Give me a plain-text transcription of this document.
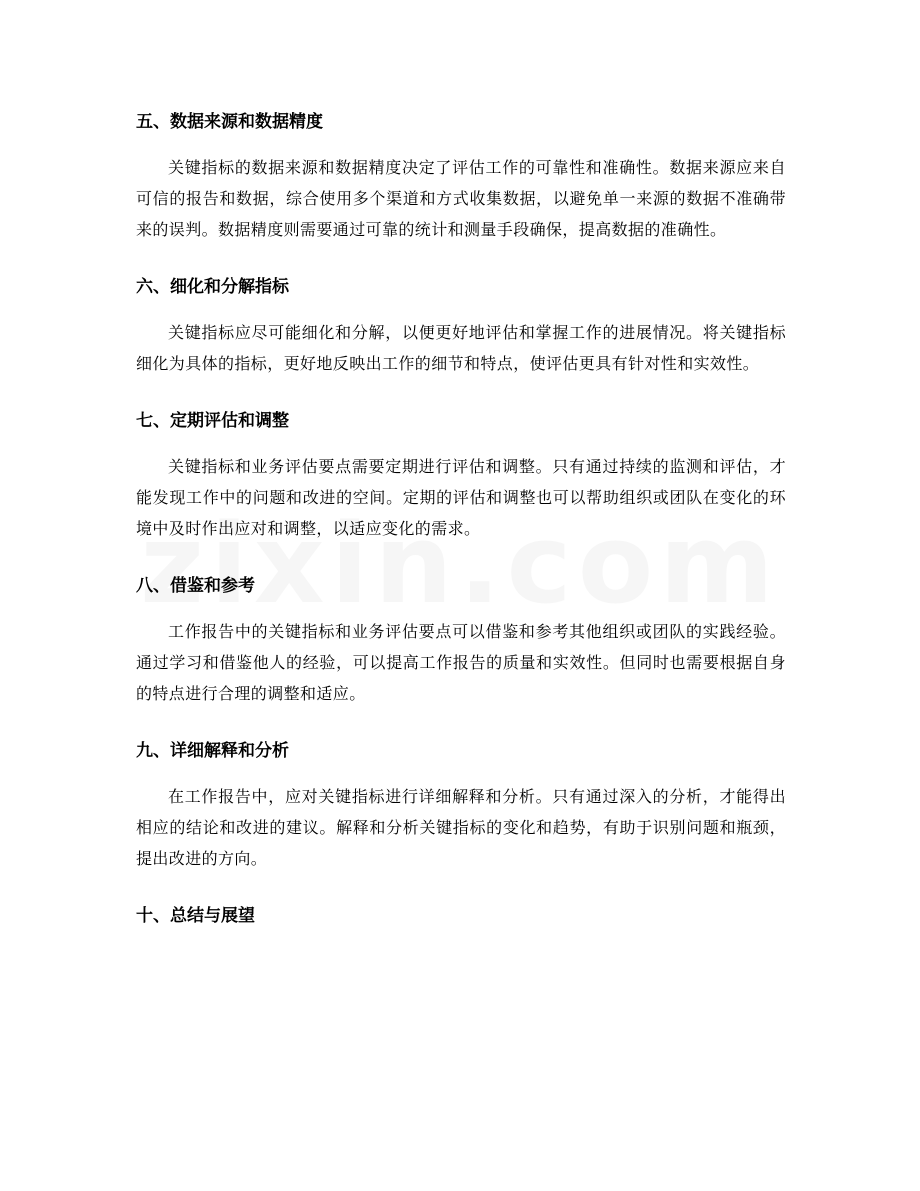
五、数据来源和数据精度

关键指标的数据来源和数据精度决定了评估工作的可靠性和准确性。数据来源应来自可信的报告和数据，综合使用多个渠道和方式收集数据，以避免单一来源的数据不准确带来的误判。数据精度则需要通过可靠的统计和测量手段确保，提高数据的准确性。

六、细化和分解指标

关键指标应尽可能细化和分解，以便更好地评估和掌握工作的进展情况。将关键指标细化为具体的指标，更好地反映出工作的细节和特点，使评估更具有针对性和实效性。

七、定期评估和调整

关键指标和业务评估要点需要定期进行评估和调整。只有通过持续的监测和评估，才能发现工作中的问题和改进的空间。定期的评估和调整也可以帮助组织或团队在变化的环境中及时作出应对和调整，以适应变化的需求。

八、借鉴和参考

工作报告中的关键指标和业务评估要点可以借鉴和参考其他组织或团队的实践经验。通过学习和借鉴他人的经验，可以提高工作报告的质量和实效性。但同时也需要根据自身的特点进行合理的调整和适应。

九、详细解释和分析

在工作报告中，应对关键指标进行详细解释和分析。只有通过深入的分析，才能得出相应的结论和改进的建议。解释和分析关键指标的变化和趋势，有助于识别问题和瓶颈，提出改进的方向。

十、总结与展望
